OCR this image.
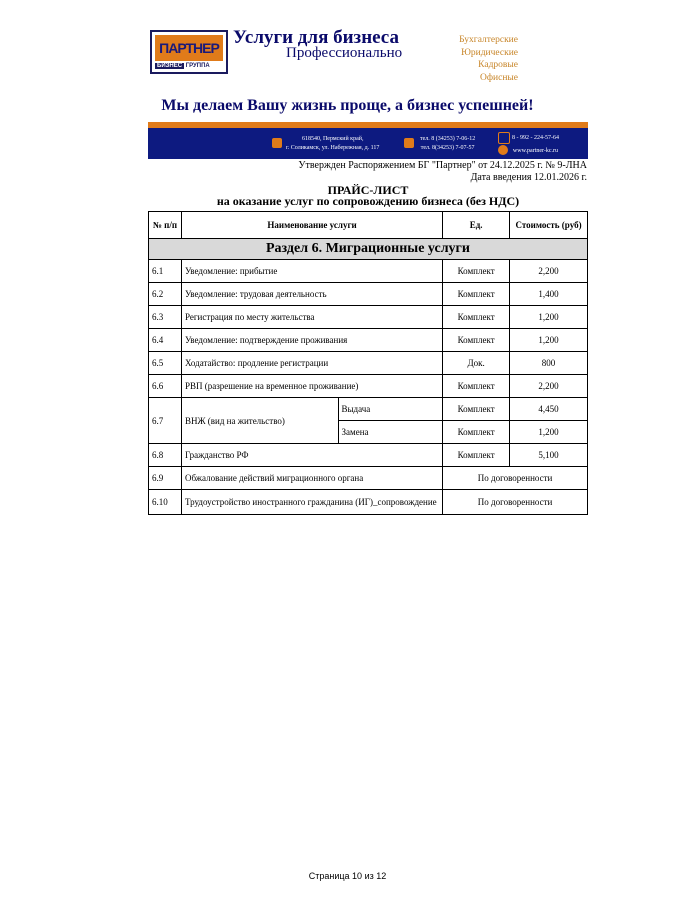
ПАРТНЕР
БИЗНЕС ГРУППА
Услуги для бизнеса
Профессионально
Бухгалтерские
Юридические
Кадровые
Офисные
Мы делаем Вашу жизнь проще, а бизнес успешней!
618540, Пермский край,
г. Соликамск, ул. Набережная, д. 117
тел. 8 (34253) 7-06-12
тел. 8(34253) 7-07-57
8 - 992 - 224-57-64
www.partner-kc.ru
Утвержден Распоряжением БГ "Партнер" от 24.12.2025 г. № 9-ЛНА
Дата введения 12.01.2026 г.
ПРАЙС-ЛИСТ
на оказание услуг по сопровождению бизнеса (без НДС)
№ п/п	Наименование услуги		Ед.	Стоимость (руб)
Раздел 6. Миграционные услуги				
6.1	Уведомление: прибытие		Комплект	2,200
6.2	Уведомление: трудовая деятельность		Комплект	1,400
6.3	Регистрация по месту жительства		Комплект	1,200
6.4	Уведомление: подтверждение проживания		Комплект	1,200
6.5	Ходатайство: продление регистрации		Док.	800
6.6	РВП (разрешение на временное проживание)		Комплект	2,200
6.7	ВНЖ (вид на жительство)	Выдача	Комплект	4,450
		Замена	Комплект	1,200
6.8	Гражданство РФ		Комплект	5,100
6.9	Обжалование действий миграционного органа		По договоренности	
6.10	Трудоустройство иностранного гражданина (ИГ)_сопровождение		По договоренности	
Страница 10 из 12
